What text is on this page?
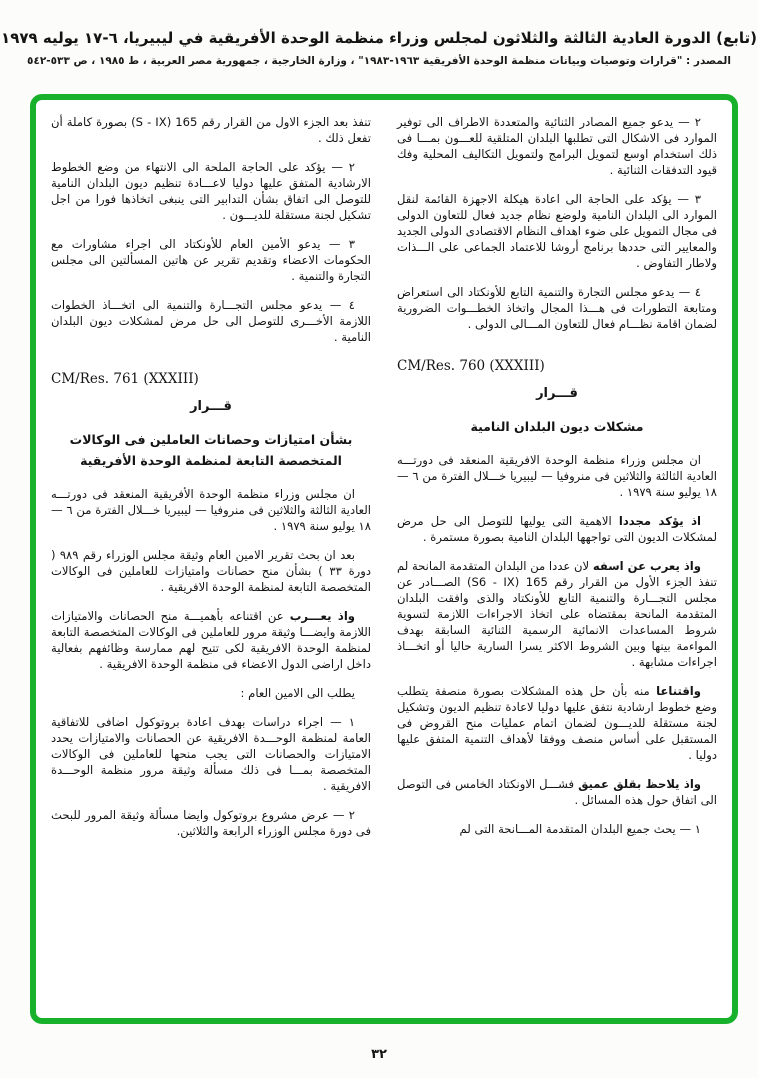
(تابع) الدورة العادية الثالثة والثلاثون لمجلس وزراء منظمة الوحدة الأفريقية في ليبيريا، ٦-١٧ يوليه ١٩٧٩
المصدر : "قرارات وتوصيات وبيانات منظمة الوحدة الأفريقية ١٩٦٣-١٩٨٣" ، وزارة الخارجية ، جمهورية مصر العربية ، ط ١٩٨٥ ، ص ٥٣٣-٥٤٢

٢ — يدعو جميع المصادر الثنائية والمتعددة الاطراف الى توفير الموارد فى الاشكال التى تطلبها البلدان المتلقية للعـــون بمـــا فى ذلك استخدام اوسع لتمويل البرامج ولتمويل التكاليف المحلية وفك قيود التدفقات الثنائية .

٣ — يؤكد على الحاجة الى اعادة هيكلة الاجهزة القائمة لنقل الموارد الى البلدان النامية ولوضع نظام جديد فعال للتعاون الدولى فى مجال التمويل على ضوء اهداف النظام الاقتصادى الدولى الجديد والمعايير التى حددها برنامج أروشا للاعتماد الجماعى على الـــذات ولاطار التفاوض .

٤ — يدعو مجلس التجارة والتنمية التابع للأونكتاد الى استعراض ومتابعة التطورات فى هـــذا المجال واتخاذ الخطـــوات الضرورية لضمان اقامة نظـــام فعال للتعاون المـــالى الدولى .

CM/Res. 760 (XXXIII)

قـــرار

مشكلات ديون البلدان النامية

ان مجلس وزراء منظمة الوحدة الافريقية المنعقد فى دورتـــه العادية الثالثة والثلاثين فى منروفيا — ليبيريا خـــلال الفترة من ٦ — ١٨ يوليو سنة ١٩٧٩ .

اذ يؤكد مجددا الاهمية التى يوليها للتوصل الى حل مرض لمشكلات الديون التى تواجهها البلدان النامية بصورة مستمرة .

واذ يعرب عن اسفه لان عددا من البلدان المتقدمة المانحة لم تنفذ الجزء الأول من القرار رقم 165 (S6 - IX) الصـــادر عن مجلس التجـــارة والتنمية التابع للأونكتاد والذى وافقت البلدان المتقدمة المانحة بمقتضاه على اتخاذ الاجراءات اللازمة لتسوية شروط المساعدات الانمائية الرسمية الثنائية السابقة بهدف المواءمة بينها وبين الشروط الاكثر يسرا السارية حاليا أو اتخـــاذ اجراءات مشابهة .

واقتناعا منه بأن حل هذه المشكلات بصورة منصفة يتطلب وضع خطوط ارشادية نتفق عليها دوليا لاعادة تنظيم الديون وتشكيل لجنة مستقلة للديـــون لضمان اتمام عمليات منح القروض فى المستقبل على أساس منصف ووفقا لأهداف التنمية المتفق عليها دوليا .

واذ يلاحظ بقلق عميق فشـــل الاونكتاد الخامس فى التوصل الى اتفاق حول هذه المسائل .

١ — يحث جميع البلدان المتقدمة المـــانحة التى لم

تنفذ بعد الجزء الاول من القرار رقم 165 (S - IX) بصورة كاملة أن تفعل ذلك .

٢ — يؤكد على الحاجة الملحة الى الانتهاء من وضع الخطوط الارشادية المتفق عليها دوليا لاعـــادة تنظيم ديون البلدان النامية للتوصل الى اتفاق بشأن التدابير التى ينبغى اتخاذها فورا من اجل تشكيل لجنة مستقلة للديـــون .

٣ — يدعو الأمين العام للأونكتاد الى اجراء مشاورات مع الحكومات الاعضاء وتقديم تقرير عن هاتين المسألتين الى مجلس التجارة والتنمية .

٤ — يدعو مجلس التجـــارة والتنمية الى اتخـــاذ الخطوات اللازمة الأخـــرى للتوصل الى حل مرض لمشكلات ديون البلدان النامية .

CM/Res. 761 (XXXIII)

قـــرار

بشأن امتيازات وحصانات العاملين فى الوكالات المتخصصة التابعة لمنظمة الوحدة الأفريقية

ان مجلس وزراء منظمة الوحدة الأفريقية المنعقد فى دورتـــه العادية الثالثة والثلاثين فى منروفيا — ليبيريا خـــلال الفترة من ٦ — ١٨ يوليو سنة ١٩٧٩ .

بعد ان بحث تقرير الامين العام وثيقة مجلس الوزراء رقم ٩٨٩ ( دورة ٣٣ ) بشأن منح حصانات وامتيازات للعاملين فى الوكالات المتخصصة التابعة لمنظمة الوحدة الافريقية .

واذ يعـــرب عن اقتناعه بأهميـــة منح الحصانات والامتيازات اللازمة وايضـــا وثيقة مرور للعاملين فى الوكالات المتخصصة التابعة لمنظمة الوحدة الافريقية لكى تتيح لهم ممارسة وظائفهم بفعالية داخل اراضى الدول الاعضاء فى منظمة الوحدة الافريقية .

يطلب الى الامين العام :

١ — اجراء دراسات بهدف اعادة بروتوكول اضافى للاتفاقية العامة لمنظمة الوحـــدة الافريقية عن الحصانات والامتيازات يحدد الامتيازات والحصانات التى يجب منحها للعاملين فى الوكالات المتخصصة بمـــا فى ذلك مسألة وثيقة مرور منظمة الوحـــدة الافريقية .

٢ — عرض مشروع بروتوكول وايضا مسألة وثيقة المرور للبحث فى دورة مجلس الوزراء الرابعة والثلاثين.

٣٢
